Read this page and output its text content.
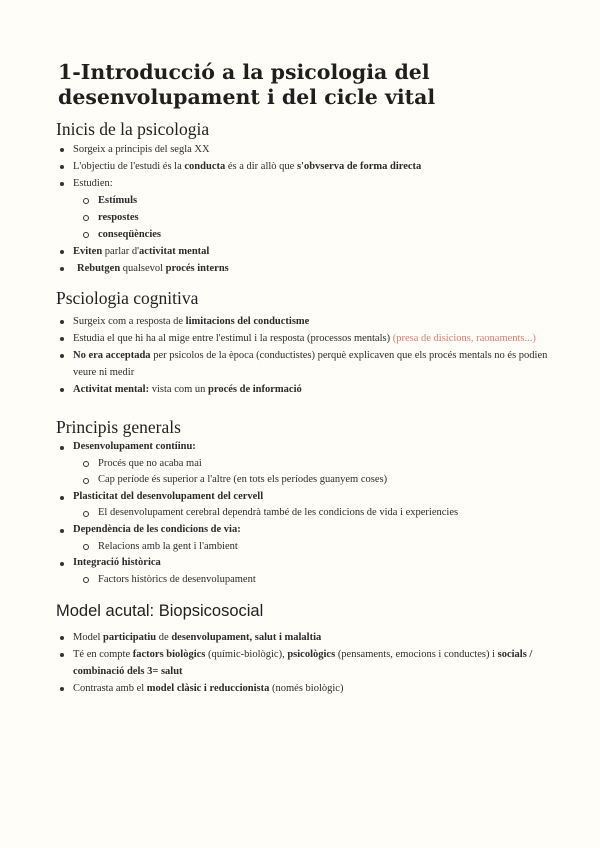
1-Introducció a la psicologia del desenvolupament i del cicle vital
Inicis de la psicologia
Sorgeix a principis del segla XX
L'objectiu de l'estudi és la conducta és a dir allò que s'obvserva de forma directa
Estudien:
Estímuls
respostes
conseqüències
Eviten parlar d'activitat mental
Rebutgen qualsevol procés interns
Psciologia cognitiva
Surgeix com a resposta de limitacions del conductisme
Estudia el que hi ha al mige entre l'estimul i la resposta (processos mentals) (presa de disicions, raonaments...)
No era acceptada per psicolos de la època (conductistes) perquè explicaven que els procés mentals no és podien veure ni medir
Activitat mental: vista com un procés de informació
Principis generals
Desenvolupament contíinu:
Procés que no acaba mai
Cap període és superior a l'altre (en tots els períodes guanyem coses)
Plasticitat del desenvolupament del cervell
El desenvolupament cerebral dependrà també de les condicions de vida i experiencies
Dependència de les condicions de via:
Relacions amb la gent i l'ambient
Integració històrica
Factors històrics de desenvolupament
Model acutal: Biopsicosocial
Model participatiu de desenvolupament, salut i malaltia
Té en compte factors biològics (químic-biològic), psicològics (pensaments, emocions i conductes) i socials / combinació dels 3= salut
Contrasta amb el model clàsic i reduccionista (només biològic)
